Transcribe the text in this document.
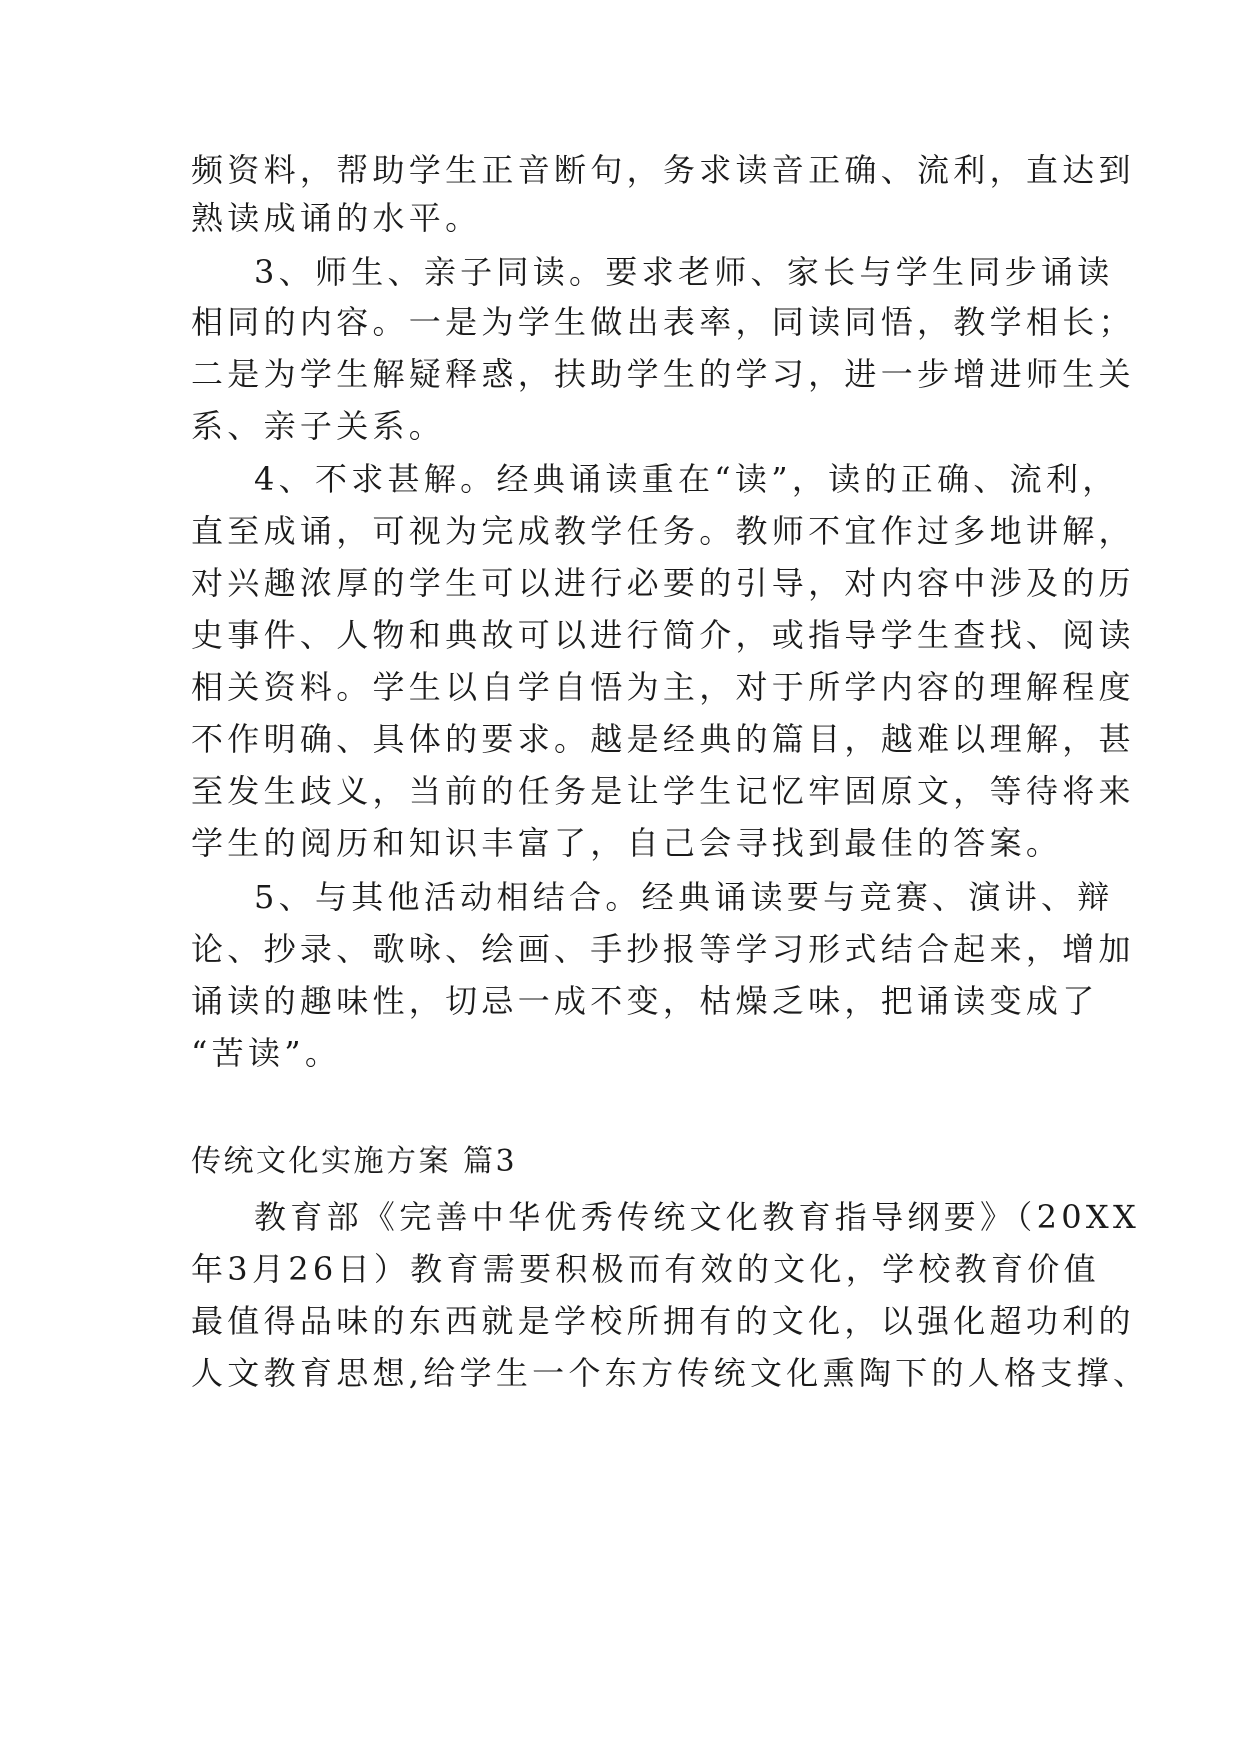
频资料，帮助学生正音断句，务求读音正确、流利，直达到
熟读成诵的水平。
3、师生、亲子同读。要求老师、家长与学生同步诵读
相同的内容。一是为学生做出表率，同读同悟，教学相长；
二是为学生解疑释惑，扶助学生的学习，进一步增进师生关
系、亲子关系。
4、不求甚解。经典诵读重在“读”，读的正确、流利，
直至成诵，可视为完成教学任务。教师不宜作过多地讲解，
对兴趣浓厚的学生可以进行必要的引导，对内容中涉及的历
史事件、人物和典故可以进行简介，或指导学生查找、阅读
相关资料。学生以自学自悟为主，对于所学内容的理解程度
不作明确、具体的要求。越是经典的篇目，越难以理解，甚
至发生歧义，当前的任务是让学生记忆牢固原文，等待将来
学生的阅历和知识丰富了，自己会寻找到最佳的答案。
5、与其他活动相结合。经典诵读要与竞赛、演讲、辩
论、抄录、歌咏、绘画、手抄报等学习形式结合起来，增加
诵读的趣味性，切忌一成不变，枯燥乏味，把诵读变成了
“苦读”。
传统文化实施方案 篇3
教育部《完善中华优秀传统文化教育指导纲要》（20XX
年3月26日）教育需要积极而有效的文化，学校教育价值
最值得品味的东西就是学校所拥有的文化，以强化超功利的
人文教育思想,给学生一个东方传统文化熏陶下的人格支撑、
